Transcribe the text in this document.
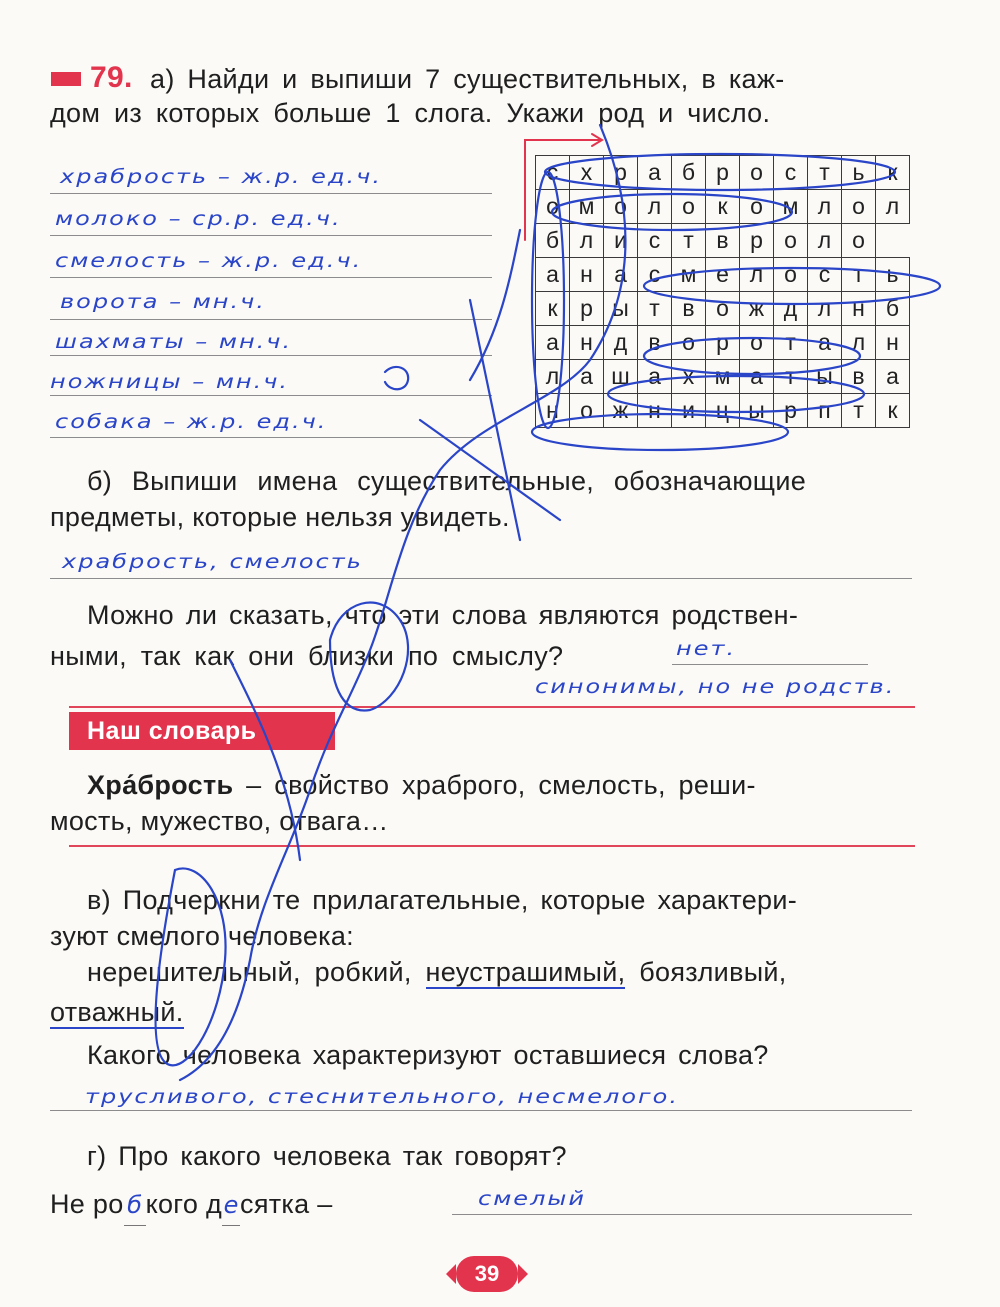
79. а) Найди и выпиши 7 существительных, в каж-
дом из которых больше 1 слога. Укажи род и число.
храбрость – ж.р. ед.ч.
молоко – ср.р. ед.ч.
смелость – ж.р. ед.ч.
ворота – мн.ч.
шахматы – мн.ч.
ножницы – мн.ч.
собака – ж.р. ед.ч.
с	х	р	а	б	р	о	с	т	ь	к
о	м	о	л	о	к	о	м	л	о	л
б	л	и	с	т	в	р	о	л	о	
а	н	а	с	м	е	л	о	с	т	ь
к	р	ы	т	в	о	ж	д	л	н	б
а	н	д	в	о	р	о	т	а	л	н
л	а	ш	а	х	м	а	т	ы	в	а
н	о	ж	н	и	ц	ы	р	п	т	к
б) Выпиши имена существительные, обозначающие
предметы, которые нельзя увидеть.
храбрость, смелость
Можно ли сказать, что эти слова являются родствен-
ными, так как они близки по смыслу?	нет.
синонимы, но не родств.
Наш словарь
Хра́брость – свойство храброго, смелость, реши-
мость, мужество, отвага…
в) Подчеркни те прилагательные, которые характери-
зуют смелого человека:
нерешительный, робкий, неустрашимый, боязливый,
отважный.
Какого человека характеризуют оставшиеся слова?
трусливого, стеснительного, несмелого.
г) Про какого человека так говорят?
Не ро б кого десятка –	смелый
39
